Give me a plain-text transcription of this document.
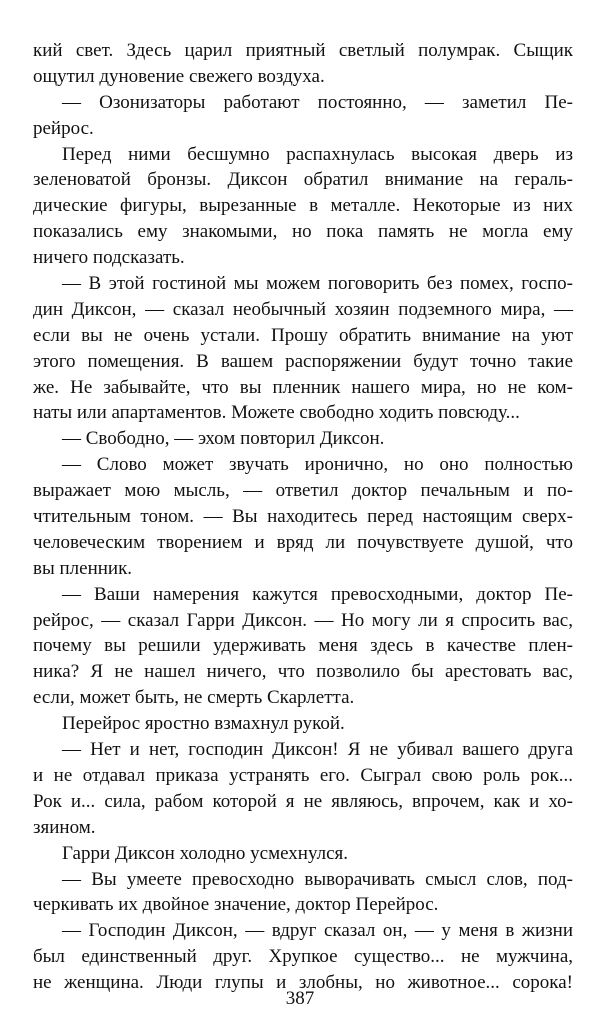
кий свет. Здесь царил приятный светлый полумрак. Сыщик
ощутил дуновение свежего воздуха.
— Озонизаторы работают постоянно, — заметил Пе-
рейрос.
Перед ними бесшумно распахнулась высокая дверь из
зеленоватой бронзы. Диксон обратил внимание на гераль-
дические фигуры, вырезанные в металле. Некоторые из них
показались ему знакомыми, но пока память не могла ему
ничего подсказать.
— В этой гостиной мы можем поговорить без помех, госпо-
дин Диксон, — сказал необычный хозяин подземного мира, —
если вы не очень устали. Прошу обратить внимание на уют
этого помещения. В вашем распоряжении будут точно такие
же. Не забывайте, что вы пленник нашего мира, но не ком-
наты или апартаментов. Можете свободно ходить повсюду...
— Свободно, — эхом повторил Диксон.
— Слово может звучать иронично, но оно полностью
выражает мою мысль, — ответил доктор печальным и по-
чтительным тоном. — Вы находитесь перед настоящим сверх-
человеческим творением и вряд ли почувствуете душой, что
вы пленник.
— Ваши намерения кажутся превосходными, доктор Пе-
рейрос, — сказал Гарри Диксон. — Но могу ли я спросить вас,
почему вы решили удерживать меня здесь в качестве плен-
ника? Я не нашел ничего, что позволило бы арестовать вас,
если, может быть, не смерть Скарлетта.
Перейрос яростно взмахнул рукой.
— Нет и нет, господин Диксон! Я не убивал вашего друга
и не отдавал приказа устранять его. Сыграл свою роль рок...
Рок и... сила, рабом которой я не являюсь, впрочем, как и хо-
зяином.
Гарри Диксон холодно усмехнулся.
— Вы умеете превосходно выворачивать смысл слов, под-
черкивать их двойное значение, доктор Перейрос.
— Господин Диксон, — вдруг сказал он, — у меня в жизни
был единственный друг. Хрупкое существо... не мужчина,
не женщина. Люди глупы и злобны, но животное... сорока!
387
